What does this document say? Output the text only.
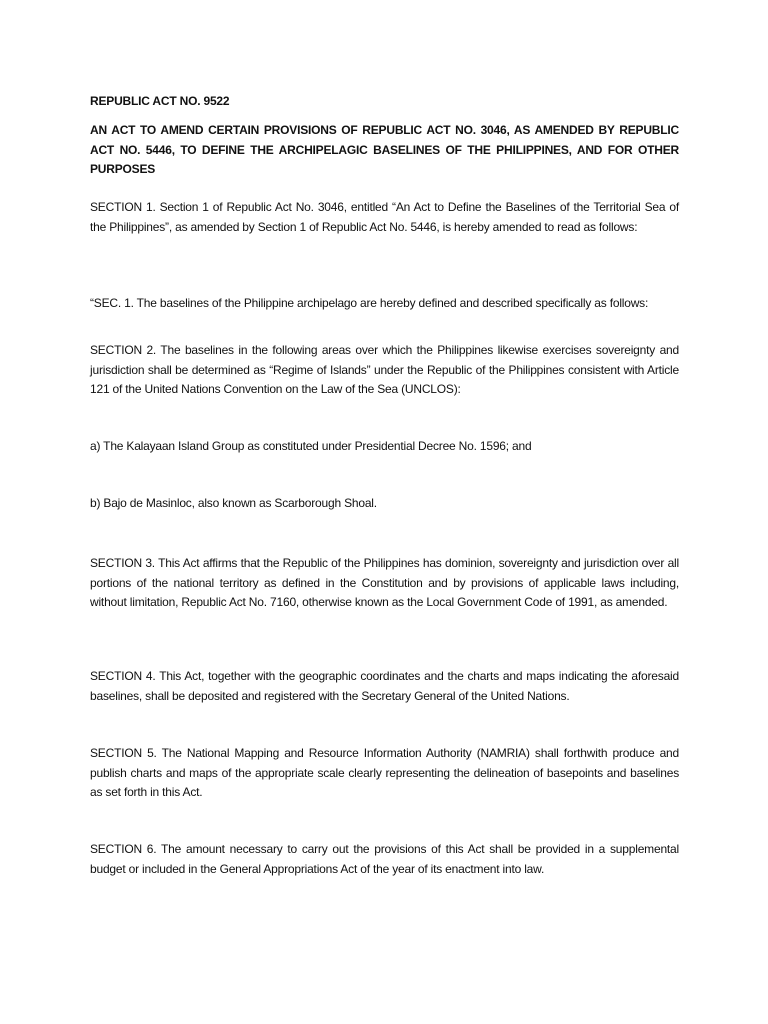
REPUBLIC ACT NO. 9522

AN ACT TO AMEND CERTAIN PROVISIONS OF REPUBLIC ACT NO. 3046, AS AMENDED BY REPUBLIC ACT NO. 5446, TO DEFINE THE ARCHIPELAGIC BASELINES OF THE PHILIPPINES, AND FOR OTHER PURPOSES

SECTION 1. Section 1 of Republic Act No. 3046, entitled “An Act to Define the Baselines of the Territorial Sea of the Philippines”, as amended by Section 1 of Republic Act No. 5446, is hereby amended to read as follows:

“SEC. 1. The baselines of the Philippine archipelago are hereby defined and described specifically as follows:

SECTION 2. The baselines in the following areas over which the Philippines likewise exercises sovereignty and jurisdiction shall be determined as “Regime of Islands” under the Republic of the Philippines consistent with Article 121 of the United Nations Convention on the Law of the Sea (UNCLOS):

a) The Kalayaan Island Group as constituted under Presidential Decree No. 1596; and

b) Bajo de Masinloc, also known as Scarborough Shoal.

SECTION 3. This Act affirms that the Republic of the Philippines has dominion, sovereignty and jurisdiction over all portions of the national territory as defined in the Constitution and by provisions of applicable laws including, without limitation, Republic Act No. 7160, otherwise known as the Local Government Code of 1991, as amended.

SECTION 4. This Act, together with the geographic coordinates and the charts and maps indicating the aforesaid baselines, shall be deposited and registered with the Secretary General of the United Nations.

SECTION 5. The National Mapping and Resource Information Authority (NAMRIA) shall forthwith produce and publish charts and maps of the appropriate scale clearly representing the delineation of basepoints and baselines as set forth in this Act.

SECTION 6. The amount necessary to carry out the provisions of this Act shall be provided in a supplemental budget or included in the General Appropriations Act of the year of its enactment into law.
